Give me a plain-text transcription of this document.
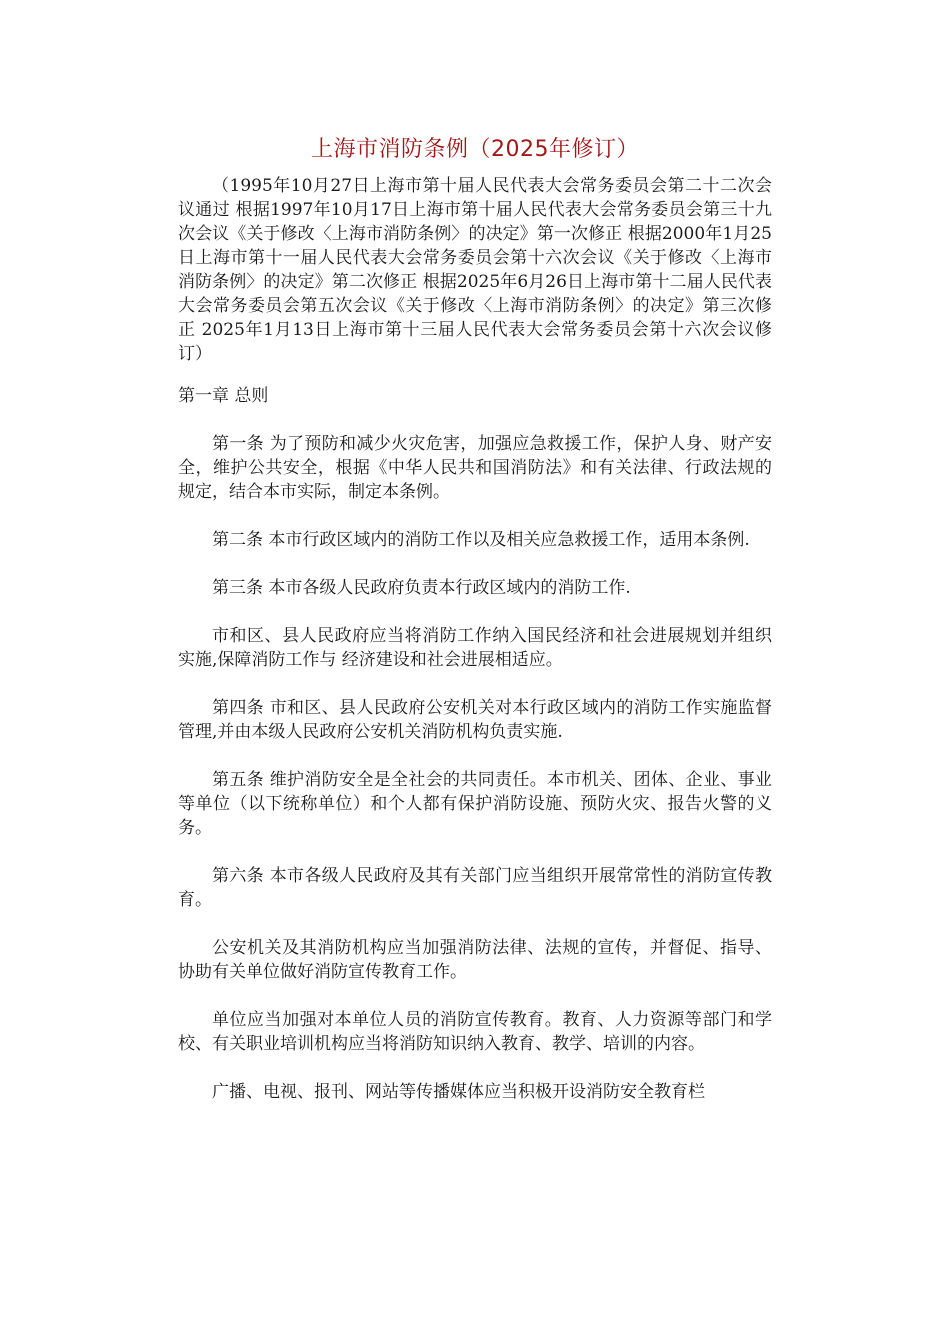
上海市消防条例（2025年修订）

（1995年10月27日上海市第十届人民代表大会常务委员会第二十二次会议通过 根据1997年10月17日上海市第十届人民代表大会常务委员会第三十九次会议《关于修改〈上海市消防条例〉的决定》第一次修正 根据2000年1月25日上海市第十一届人民代表大会常务委员会第十六次会议《关于修改〈上海市消防条例〉的决定》第二次修正 根据2025年6月26日上海市第十二届人民代表大会常务委员会第五次会议《关于修改〈上海市消防条例〉的决定》第三次修正 2025年1月13日上海市第十三届人民代表大会常务委员会第十六次会议修订）

第一章 总则

第一条 为了预防和减少火灾危害，加强应急救援工作，保护人身、财产安全，维护公共安全，根据《中华人民共和国消防法》和有关法律、行政法规的规定，结合本市实际，制定本条例。

第二条 本市行政区域内的消防工作以及相关应急救援工作，适用本条例.

第三条 本市各级人民政府负责本行政区域内的消防工作.

市和区、县人民政府应当将消防工作纳入国民经济和社会进展规划并组织实施,保障消防工作与 经济建设和社会进展相适应。

第四条 市和区、县人民政府公安机关对本行政区域内的消防工作实施监督管理,并由本级人民政府公安机关消防机构负责实施.

第五条 维护消防安全是全社会的共同责任。本市机关、团体、企业、事业等单位（以下统称单位）和个人都有保护消防设施、预防火灾、报告火警的义务。

第六条 本市各级人民政府及其有关部门应当组织开展常常性的消防宣传教育。

公安机关及其消防机构应当加强消防法律、法规的宣传，并督促、指导、协助有关单位做好消防宣传教育工作。

单位应当加强对本单位人员的消防宣传教育。教育、人力资源等部门和学校、有关职业培训机构应当将消防知识纳入教育、教学、培训的内容。

广播、电视、报刊、网站等传播媒体应当积极开设消防安全教育栏
